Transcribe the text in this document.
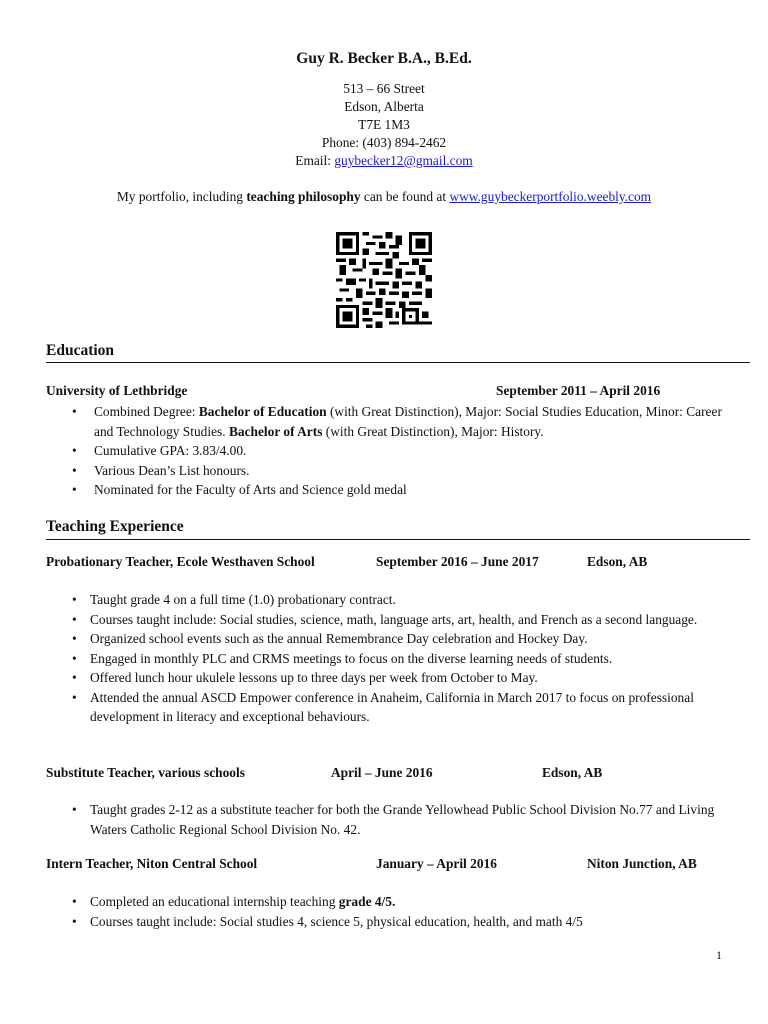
Guy R. Becker B.A., B.Ed.
513 – 66 Street
Edson, Alberta
T7E 1M3
Phone: (403) 894-2462
Email: guybecker12@gmail.com
My portfolio, including teaching philosophy can be found at www.guybeckerportfolio.weebly.com
Education
University of Lethbridge	September 2011 – April 2016
• Combined Degree: Bachelor of Education (with Great Distinction), Major: Social Studies Education, Minor: Career and Technology Studies. Bachelor of Arts (with Great Distinction), Major: History.
• Cumulative GPA: 3.83/4.00.
• Various Dean’s List honours.
• Nominated for the Faculty of Arts and Science gold medal
Teaching Experience
Probationary Teacher, Ecole Westhaven School	September 2016 – June 2017	Edson, AB
• Taught grade 4 on a full time (1.0) probationary contract.
• Courses taught include: Social studies, science, math, language arts, art, health, and French as a second language.
• Organized school events such as the annual Remembrance Day celebration and Hockey Day.
• Engaged in monthly PLC and CRMS meetings to focus on the diverse learning needs of students.
• Offered lunch hour ukulele lessons up to three days per week from October to May.
• Attended the annual ASCD Empower conference in Anaheim, California in March 2017 to focus on professional development in literacy and exceptional behaviours.
Substitute Teacher, various schools	April – June 2016	Edson, AB
• Taught grades 2-12 as a substitute teacher for both the Grande Yellowhead Public School Division No.77 and Living Waters Catholic Regional School Division No. 42.
Intern Teacher, Niton Central School	January – April 2016	Niton Junction, AB
• Completed an educational internship teaching grade 4/5.
• Courses taught include: Social studies 4, science 5, physical education, health, and math 4/5
1
